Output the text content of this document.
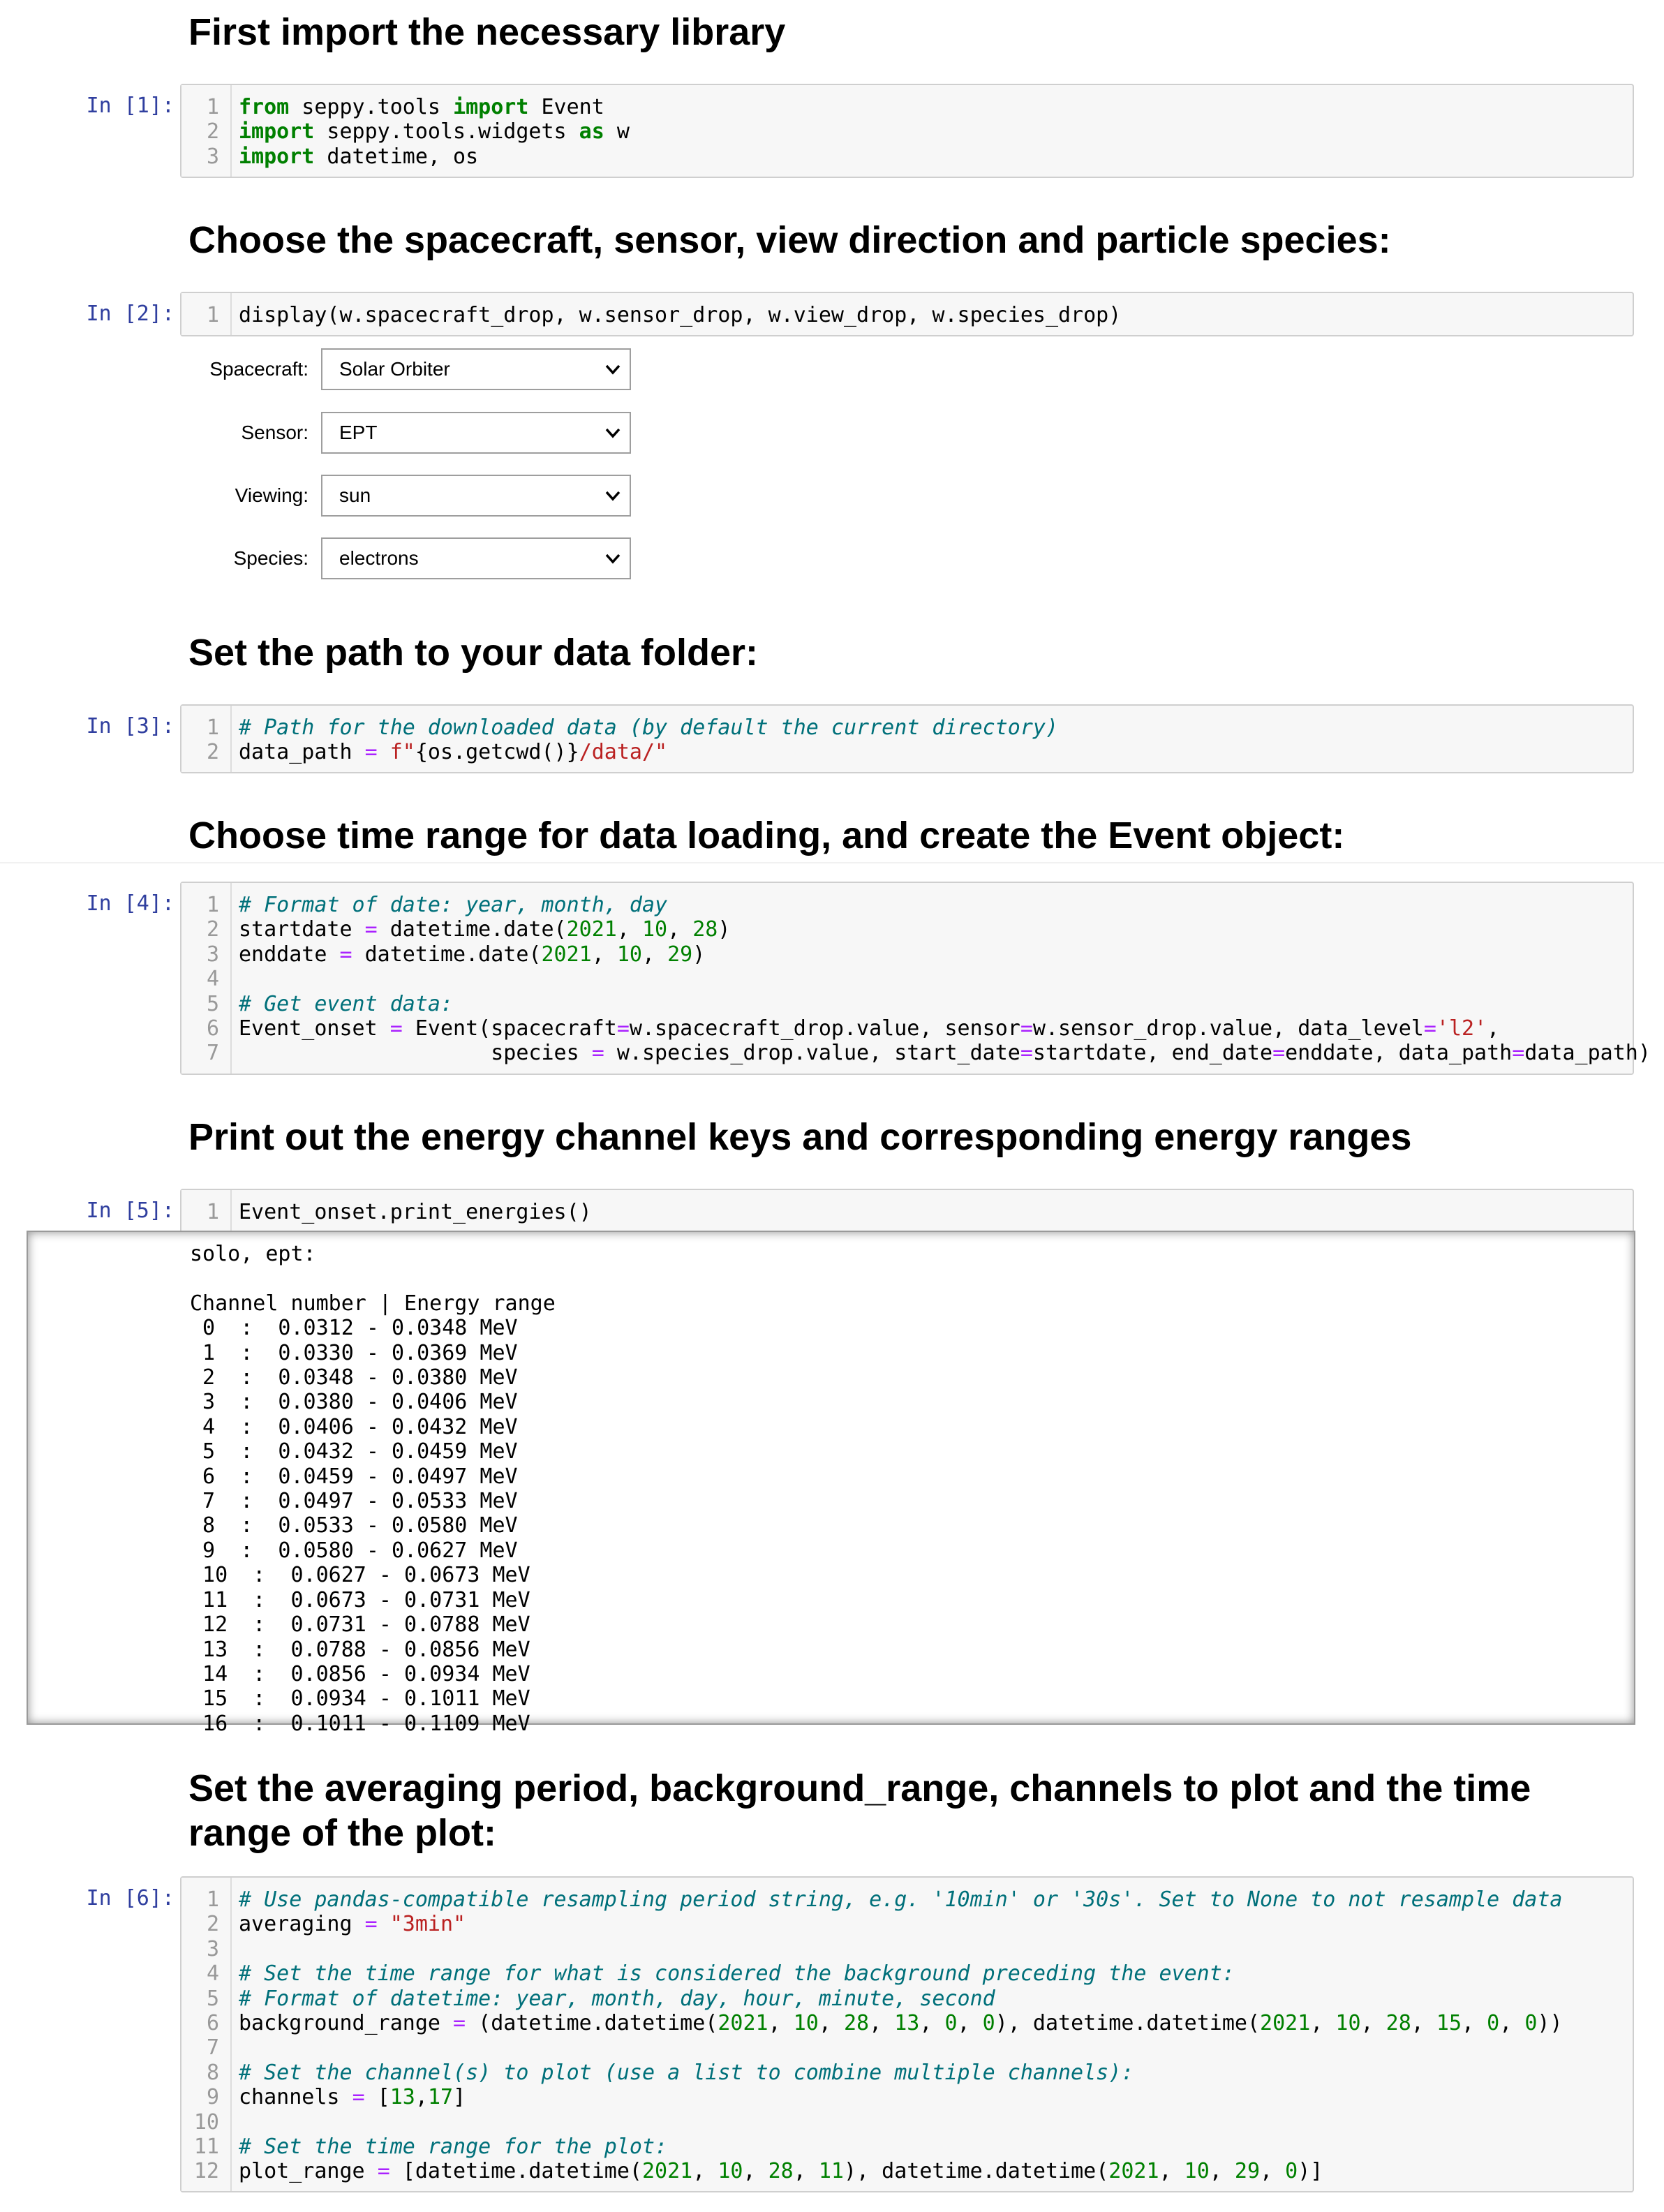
First import the necessary library
Choose the spacecraft, sensor, view direction and particle species:
Set the path to your data folder:
Choose time range for data loading, and create the Event object:
Print out the energy channel keys and corresponding energy ranges
Set the averaging period, background_range, channels to plot and the time
range of the plot:
In [1]:
In [2]:
In [3]:
In [4]:
In [5]:
In [6]:
1 from seppy.tools import Event
2 import seppy.tools.widgets as w
3 import datetime, os
1 display(w.spacecraft_drop, w.sensor_drop, w.view_drop, w.species_drop)
1 # Path for the downloaded data (by default the current directory)
2 data_path = f"{os.getcwd()}/data/"
1 # Format of date: year, month, day
2 startdate = datetime.date(2021, 10, 28)
3 enddate = datetime.date(2021, 10, 29)
4
5 # Get event data:
6 Event_onset = Event(spacecraft=w.spacecraft_drop.value, sensor=w.sensor_drop.value, data_level='l2',
7 species = w.species_drop.value, start_date=startdate, end_date=enddate, data_path=data_path)
1 Event_onset.print_energies()
1 # Use pandas-compatible resampling period string, e.g. '10min' or '30s'. Set to None to not resample data
2 averaging = "3min"
3
4 # Set the time range for what is considered the background preceding the event:
5 # Format of datetime: year, month, day, hour, minute, second
6 background_range = (datetime.datetime(2021, 10, 28, 13, 0, 0), datetime.datetime(2021, 10, 28, 15, 0, 0))
7
8 # Set the channel(s) to plot (use a list to combine multiple channels):
9 channels = [13,17]
10
11 # Set the time range for the plot:
12 plot_range = [datetime.datetime(2021, 10, 28, 11), datetime.datetime(2021, 10, 29, 0)]
Spacecraft: Solar Orbiter
Sensor: EPT
Viewing: sun
Species: electrons
solo, ept:

Channel number | Energy range
0  :  0.0312 - 0.0348 MeV
1  :  0.0330 - 0.0369 MeV
2  :  0.0348 - 0.0380 MeV
3  :  0.0380 - 0.0406 MeV
4  :  0.0406 - 0.0432 MeV
5  :  0.0432 - 0.0459 MeV
6  :  0.0459 - 0.0497 MeV
7  :  0.0497 - 0.0533 MeV
8  :  0.0533 - 0.0580 MeV
9  :  0.0580 - 0.0627 MeV
10  :  0.0627 - 0.0673 MeV
11  :  0.0673 - 0.0731 MeV
12  :  0.0731 - 0.0788 MeV
13  :  0.0788 - 0.0856 MeV
14  :  0.0856 - 0.0934 MeV
15  :  0.0934 - 0.1011 MeV
16  :  0.1011 - 0.1109 MeV
